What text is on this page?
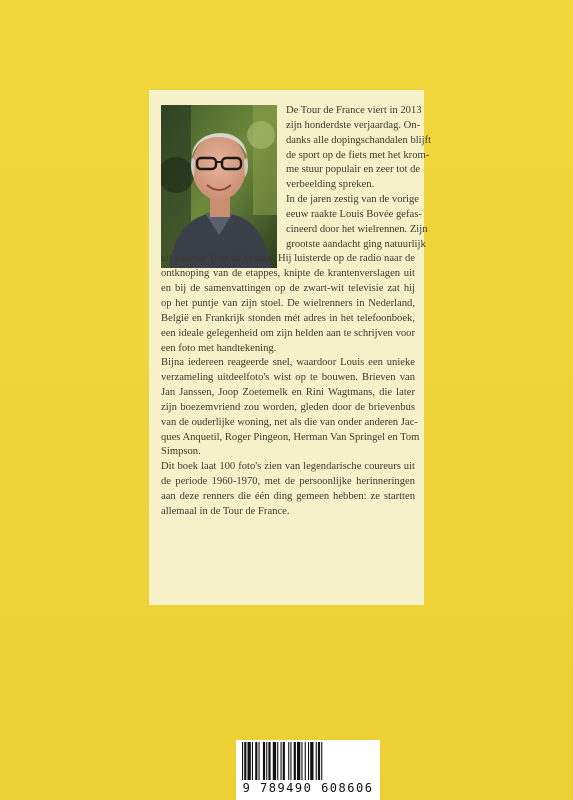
De Tour de France viert in 2013

zijn honderdste verjaardag. On-

danks alle dopingschandalen blijft

de sport op de fiets met het krom-

me stuur populair en zeer tot de

verbeelding spreken.

In de jaren zestig van de vorige

eeuw raakte Louis Bovée gefas-

cineerd door het wielrennen. Zijn

grootste aandacht ging natuurlijk

uit naar de Tour de France. Hij luisterde op de radio naar de

ontknoping van de etappes, knipte de krantenverslagen uit

en bij de samenvattingen op de zwart-wit televisie zat hij

op het puntje van zijn stoel. De wielrenners in Nederland,

België en Frankrijk stonden mét adres in het telefoonboek,

een ideale gelegenheid om zijn helden aan te schrijven voor

een foto met handtekening.

Bijna iedereen reageerde snel, waardoor Louis een unieke

verzameling uitdeelfoto's wist op te bouwen. Brieven van

Jan Janssen, Joop Zoetemelk en Rini Wagtmans, die later

zijn boezemvriend zou worden, gleden door de brievenbus

van de ouderlijke woning, net als die van onder anderen Jac-

ques Anquetil, Roger Pingeon, Herman Van Springel en Tom

Simpson.

Dit boek laat 100 foto's zien van legendarische coureurs uit

de periode 1960-1970, met de persoonlijke herinneringen

aan deze renners die één ding gemeen hebben: ze startten

allemaal in de Tour de France.

9 789490 608606
